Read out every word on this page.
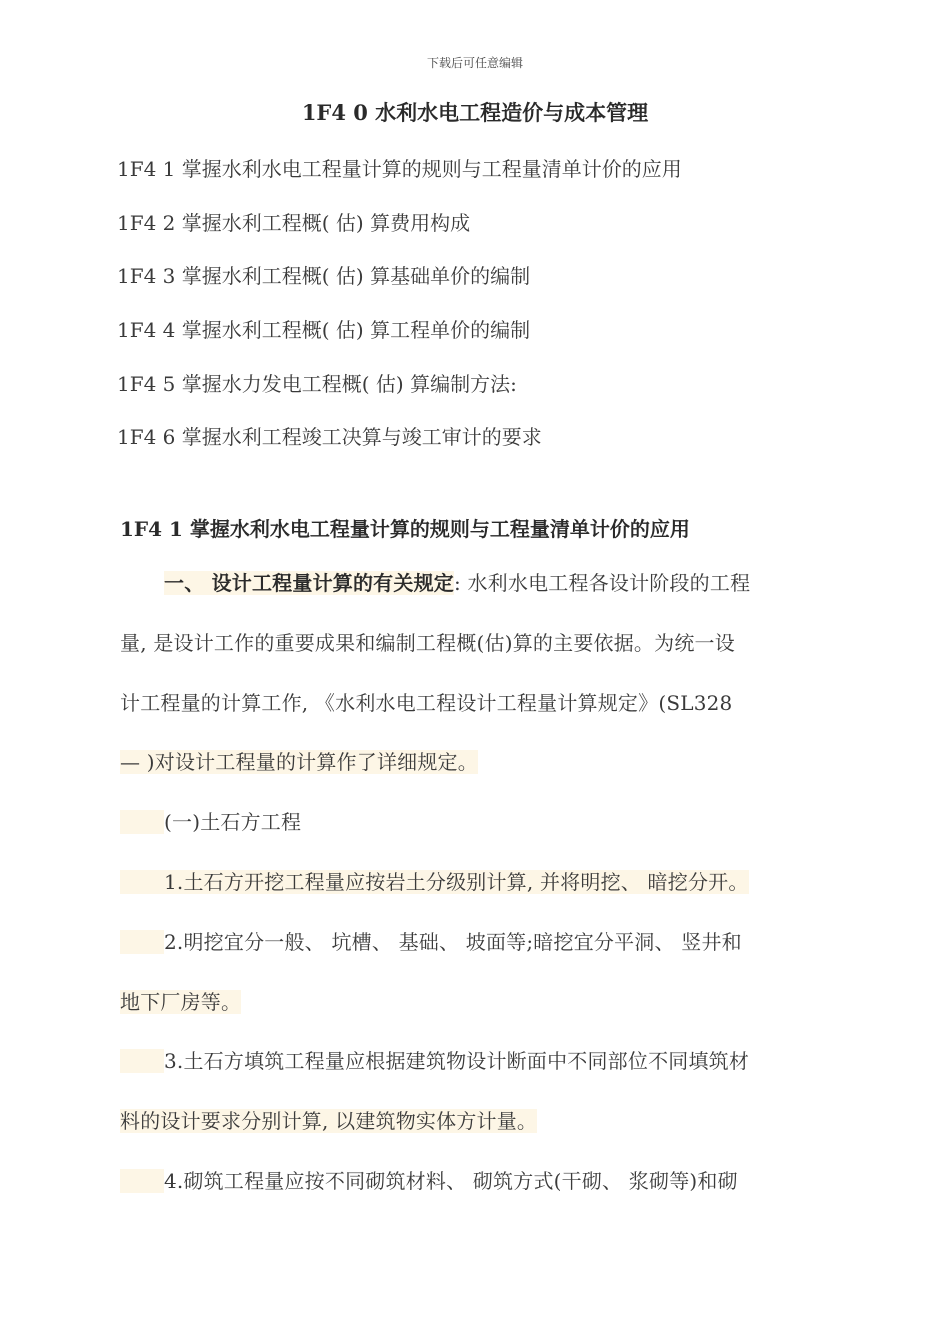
下载后可任意编辑
1F4 0 水利水电工程造价与成本管理
1F4 1 掌握水利水电工程量计算的规则与工程量清单计价的应用
1F4 2 掌握水利工程概( 估) 算费用构成
1F4 3 掌握水利工程概( 估) 算基础单价的编制
1F4 4 掌握水利工程概( 估) 算工程单价的编制
1F4 5 掌握水力发电工程概( 估) 算编制方法:
1F4 6 掌握水利工程竣工决算与竣工审计的要求
1F4 1 掌握水利水电工程量计算的规则与工程量清单计价的应用
一、 设计工程量计算的有关规定: 水利水电工程各设计阶段的工程
量, 是设计工作的重要成果和编制工程概(估)算的主要依据。为统一设
计工程量的计算工作, 《水利水电工程设计工程量计算规定》(SL328
— )对设计工程量的计算作了详细规定。
(一)土石方工程
1.土石方开挖工程量应按岩土分级别计算, 并将明挖、 暗挖分开。
2.明挖宜分一般、 坑槽、 基础、 坡面等;暗挖宜分平洞、 竖井和
地下厂房等。
3.土石方填筑工程量应根据建筑物设计断面中不同部位不同填筑材
料的设计要求分别计算, 以建筑物实体方计量。
4.砌筑工程量应按不同砌筑材料、 砌筑方式(干砌、 浆砌等)和砌
